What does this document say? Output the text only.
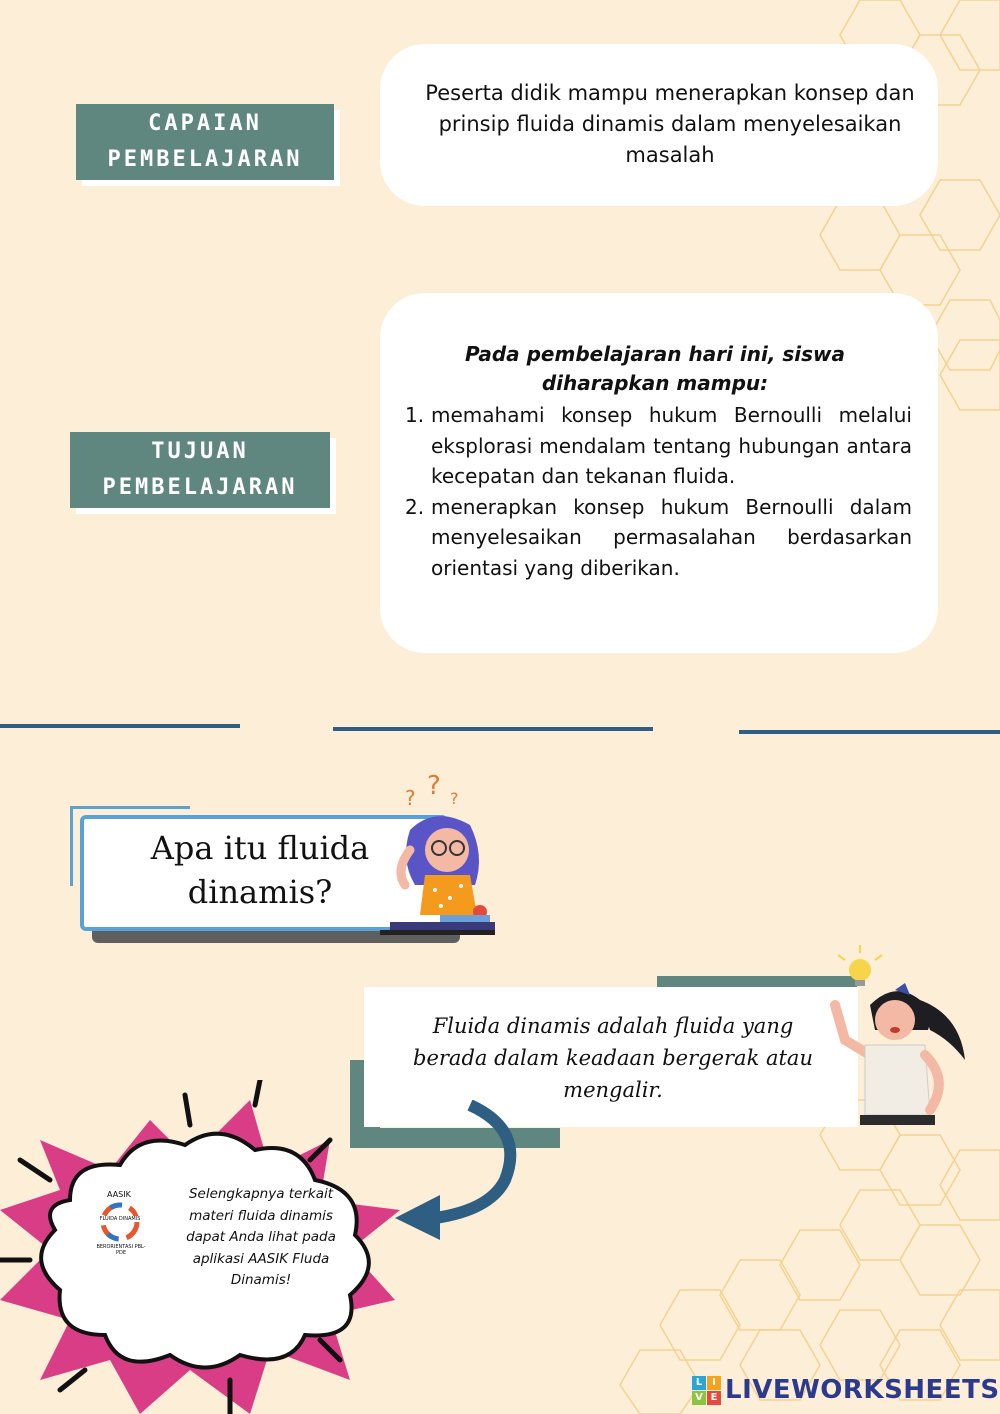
CAPAIAN
PEMBELAJARAN
Peserta didik mampu menerapkan konsep dan prinsip fluida dinamis dalam menyelesaikan masalah
TUJUAN
PEMBELAJARAN
Pada pembelajaran hari ini, siswa diharapkan mampu:
1. memahami konsep hukum Bernoulli melalui eksplorasi mendalam tentang hubungan antara kecepatan dan tekanan fluida.
2. menerapkan konsep hukum Bernoulli dalam menyelesaikan permasalahan berdasarkan orientasi yang diberikan.
Apa itu fluida
dinamis?
? ? ?
Fluida dinamis adalah fluida yang berada dalam keadaan bergerak atau mengalir.
AASIK
FLUIDA DINAMIS
BERORIENTASI PBL-PDE
Selengkapnya terkait materi fluida dinamis dapat Anda lihat pada aplikasi AASIK Fluda Dinamis!
L I
V E LIVEWORKSHEETS
